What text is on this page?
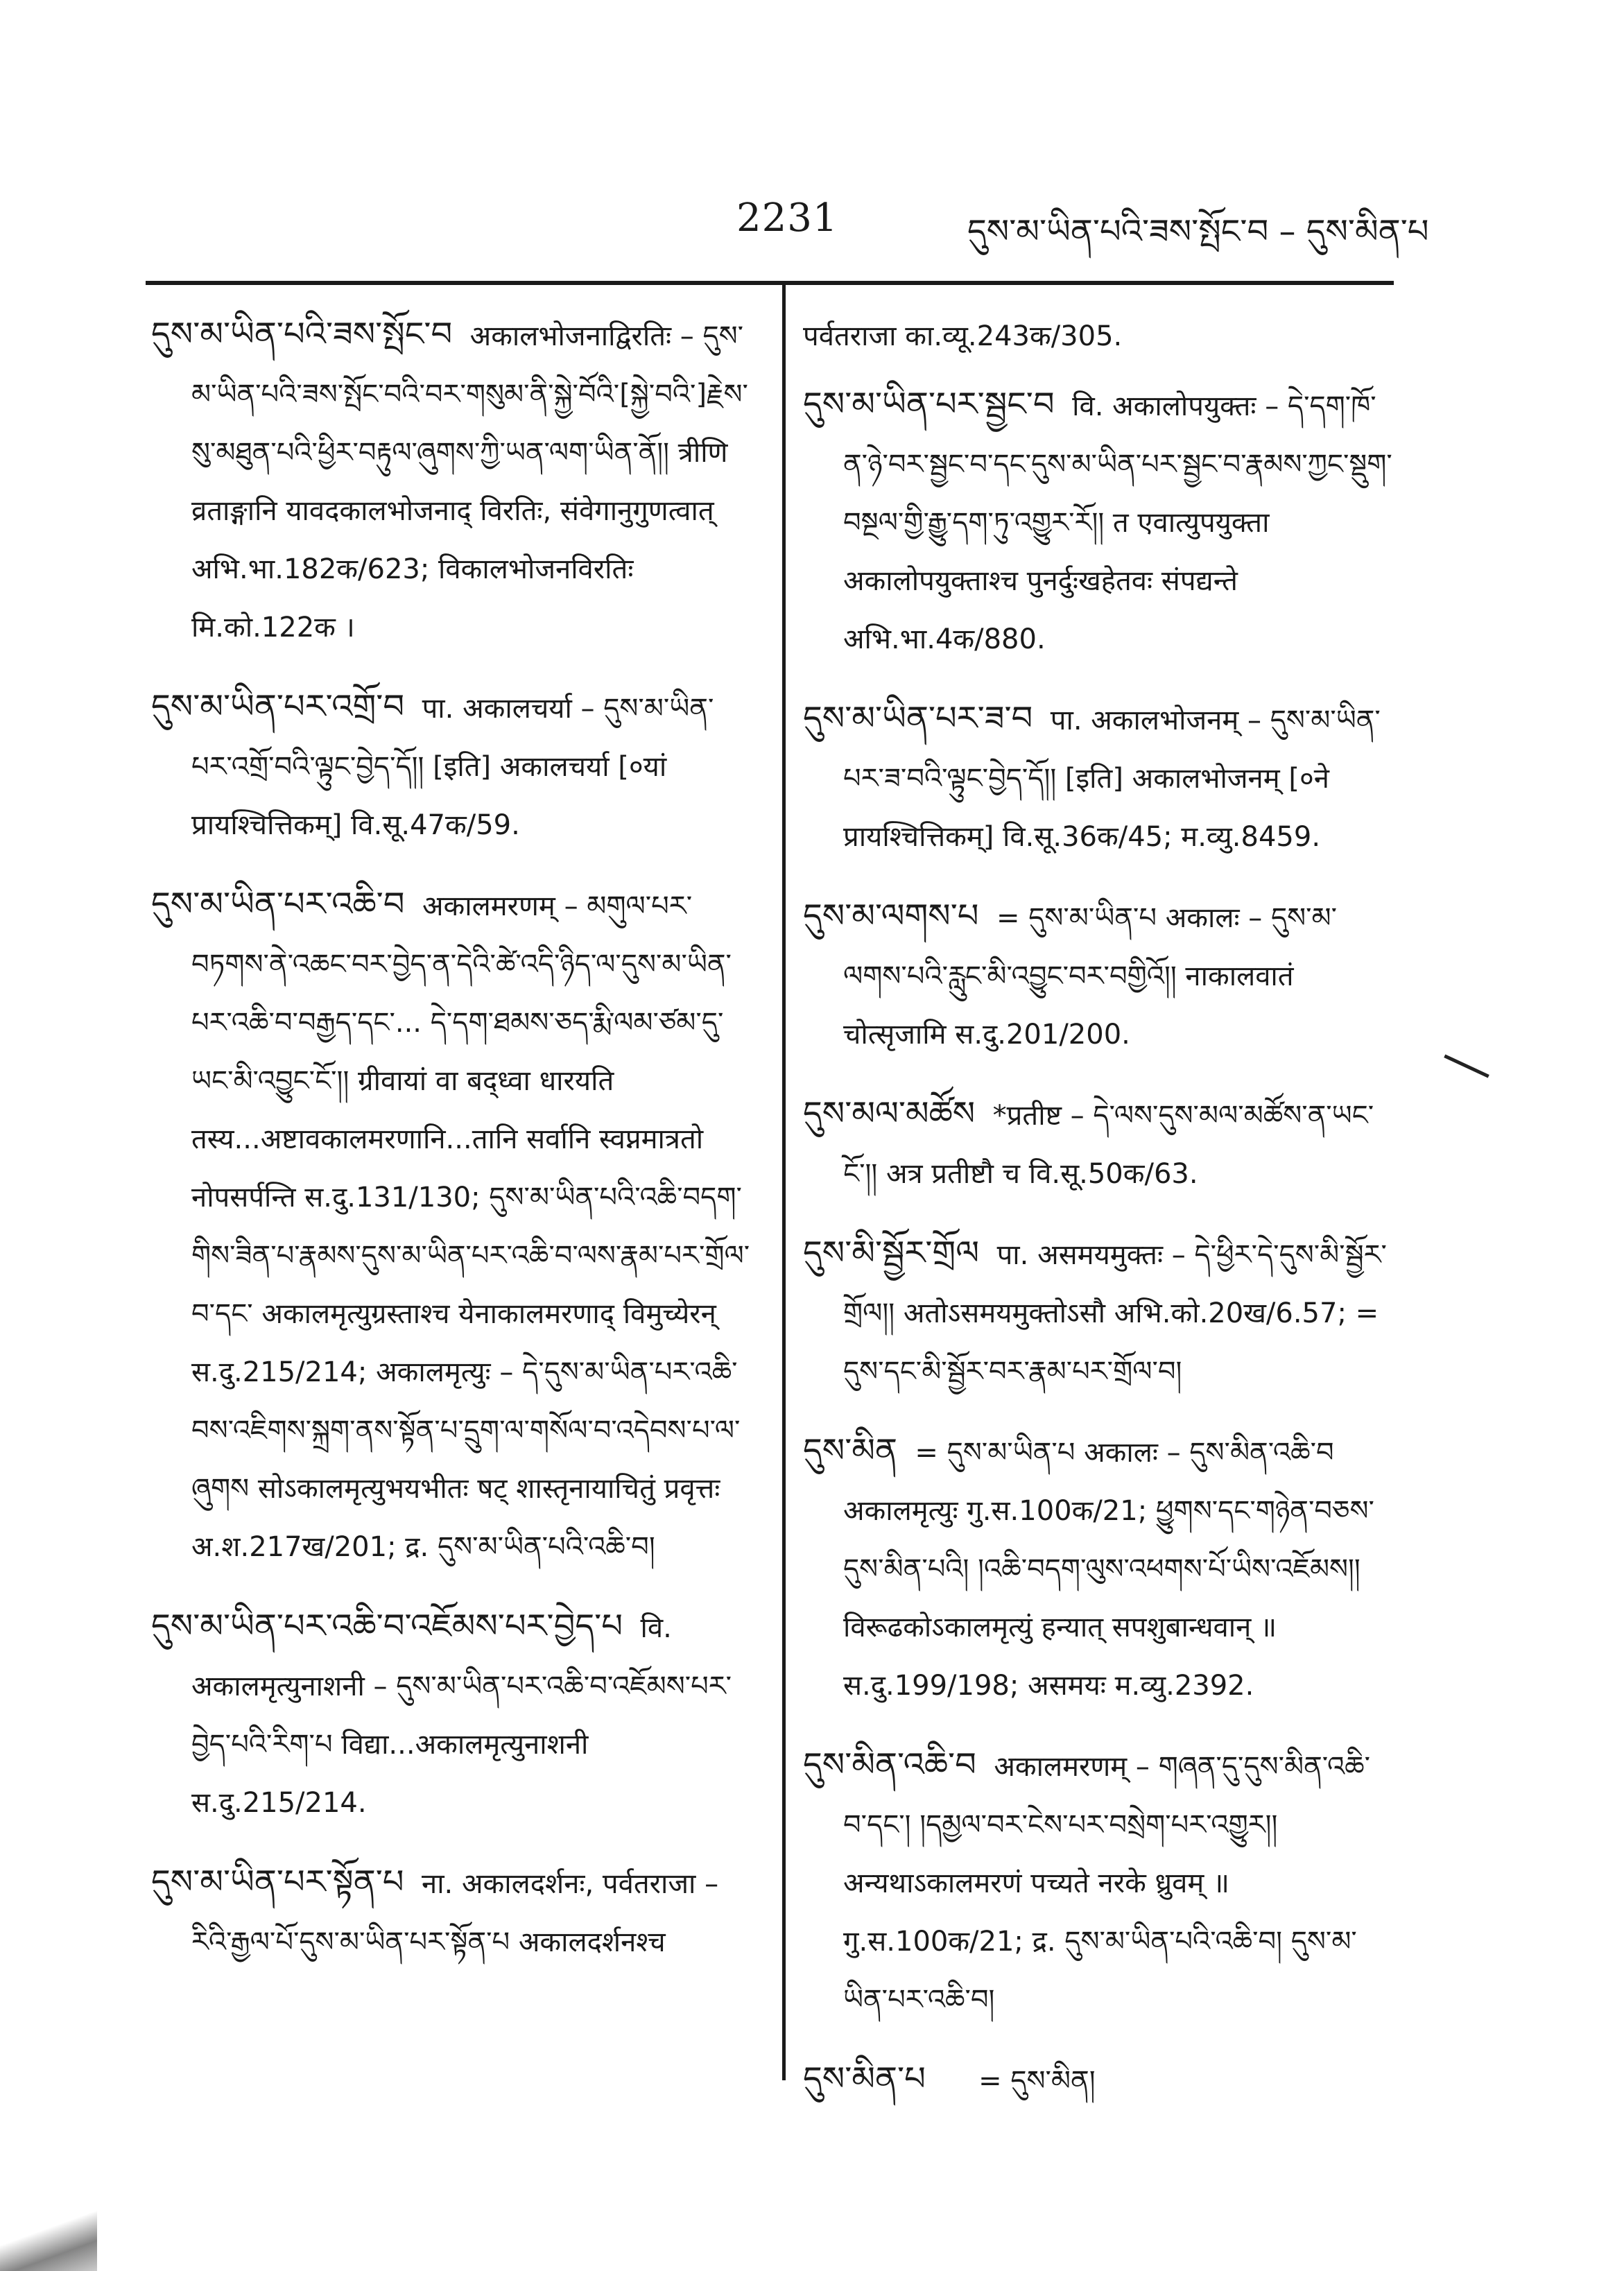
2231	དུས་མ་ཡིན་པའི་ཟས་སྤོང་བ – དུས་མིན་པ

དུས་མ་ཡིན་པའི་ཟས་སྤོང་བ अकालभोजनाद्विरतिः – དུས་མ་ཡིན་པའི་ཟས་སྤོང་བའི་བར་གསུམ་ནི་སྐྱེ་བོའི་[སྐྱེ་བའི་]རྗེས་སུ་མཐུན་པའི་ཕྱིར་བརྟུལ་ཞུགས་ཀྱི་ཡན་ལག་ཡིན་ནོ།། त्रीणि व्रताङ्गानि यावदकालभोजनाद् विरतिः, संवेगानुगुणत्वात् अभि.भा.182क/623; विकालभोजनविरतिः मि.को.122क ।

དུས་མ་ཡིན་པར་འགྲོ་བ पा. अकालचर्या – དུས་མ་ཡིན་པར་འགྲོ་བའི་ལྟུང་བྱེད་དོ།། [इति] अकालचर्या [०यां प्रायश्चित्तिकम्] वि.सू.47क/59.

དུས་མ་ཡིན་པར་འཆི་བ अकालमरणम् – མགུལ་པར་བཏགས་ནེ་འཆང་བར་བྱེད་ན་དེའི་ཚེ་འདི་ཉིད་ལ་དུས་མ་ཡིན་པར་འཆི་བ་བརྒྱད་དང་... དེ་དག་ཐམས་ཅད་རྨི་ལམ་ཙམ་དུ་ཡང་མི་འབྱུང་ངོ་།། ग्रीवायां वा बद्ध्वा धारयति तस्य...अष्टावकालमरणानि...तानि सर्वानि स्वप्नमात्रतो नोपसर्पन्ति स.दु.131/130; དུས་མ་ཡིན་པའི་འཆི་བདག་གིས་ཟིན་པ་རྣམས་དུས་མ་ཡིན་པར་འཆི་བ་ལས་རྣམ་པར་གྲོལ་བ་དང་ अकालमृत्युग्रस्ताश्च येनाकालमरणाद् विमुच्येरन् स.दु.215/214; अकालमृत्युः – དེ་དུས་མ་ཡིན་པར་འཆི་བས་འཇིགས་སྐྲག་ནས་སྟོན་པ་དྲུག་ལ་གསོལ་བ་འདེབས་པ་ལ་ཞུགས सोऽकालमृत्युभयभीतः षट् शास्तृनायाचितुं प्रवृत्तः अ.श.217ख/201; द्र. དུས་མ་ཡིན་པའི་འཆི་བ།

དུས་མ་ཡིན་པར་འཆི་བ་འཇོམས་པར་བྱེད་པ वि. अकालमृत्युनाशनी – དུས་མ་ཡིན་པར་འཆི་བ་འཇོམས་པར་བྱེད་པའི་རིག་པ विद्या...अकालमृत्युनाशनी स.दु.215/214.

དུས་མ་ཡིན་པར་སྟོན་པ ना. अकालदर्शनः, पर्वतराजा – རིའི་རྒྱལ་པོ་དུས་མ་ཡིན་པར་སྟོན་པ अकालदर्शनश्च

पर्वतराजा का.व्यू.243क/305.

དུས་མ་ཡིན་པར་སྦྱང་བ वि. अकालोपयुक्तः – དེ་དག་ཁོ་ན་ཉེ་བར་སྦྱང་བ་དང་དུས་མ་ཡིན་པར་སྦྱང་བ་རྣམས་ཀྱང་སྡུག་བསྔལ་གྱི་རྒྱུ་དག་ཏུ་འགྱུར་རོ།། त एवात्युपयुक्ता अकालोपयुक्ताश्च पुनर्दुःखहेतवः संपद्यन्ते अभि.भा.4क/880.

དུས་མ་ཡིན་པར་ཟ་བ पा. अकालभोजनम् – དུས་མ་ཡིན་པར་ཟ་བའི་ལྟུང་བྱེད་དོ།། [इति] अकालभोजनम् [०ने प्रायश्चित्तिकम्] वि.सू.36क/45; म.व्यु.8459.

དུས་མ་ལགས་པ = དུས་མ་ཡིན་པ अकालः – དུས་མ་ལགས་པའི་རླུང་མི་འབྱུང་བར་བགྱིའོ།། नाकालवातं चोत्सृजामि स.दु.201/200.

དུས་མལ་མཚོས *प्रतीष्ट – དེ་ལས་དུས་མལ་མཚོས་ན་ཡང་ངོ་།། अत्र प्रतीष्टौ च वि.सू.50क/63.

དུས་མི་སྦྱོར་གྲོལ पा. असमयमुक्तः – དེ་ཕྱིར་དེ་དུས་མི་སྦྱོར་གྲོལ།། अतोऽसमयमुक्तोऽसौ अभि.को.20ख/6.57; = དུས་དང་མི་སྦྱོར་བར་རྣམ་པར་གྲོལ་བ།

དུས་མིན = དུས་མ་ཡིན་པ अकालः – དུས་མིན་འཆི་བ अकालमृत्युः गु.स.100क/21; ཕྱུགས་དང་གཉེན་བཅས་དུས་མིན་པའི། །འཆི་བདག་ལུས་འཕགས་པོ་ཡིས་འཇོམས།། विरूढकोऽकालमृत्युं हन्यात् सपशुबान्धवान् ॥ स.दु.199/198; असमयः म.व्यु.2392.

དུས་མིན་འཆི་བ अकालमरणम् – གཞན་དུ་དུས་མིན་འཆི་བ་དང་། །དམྱལ་བར་ངེས་པར་བསྲེག་པར་འགྱུར།། अन्यथाऽकालमरणं पच्यते नरके ध्रुवम् ॥ गु.स.100क/21; द्र. དུས་མ་ཡིན་པའི་འཆི་བ། དུས་མ་ཡིན་པར་འཆི་བ།

དུས་མིན་པ = དུས་མིན།
